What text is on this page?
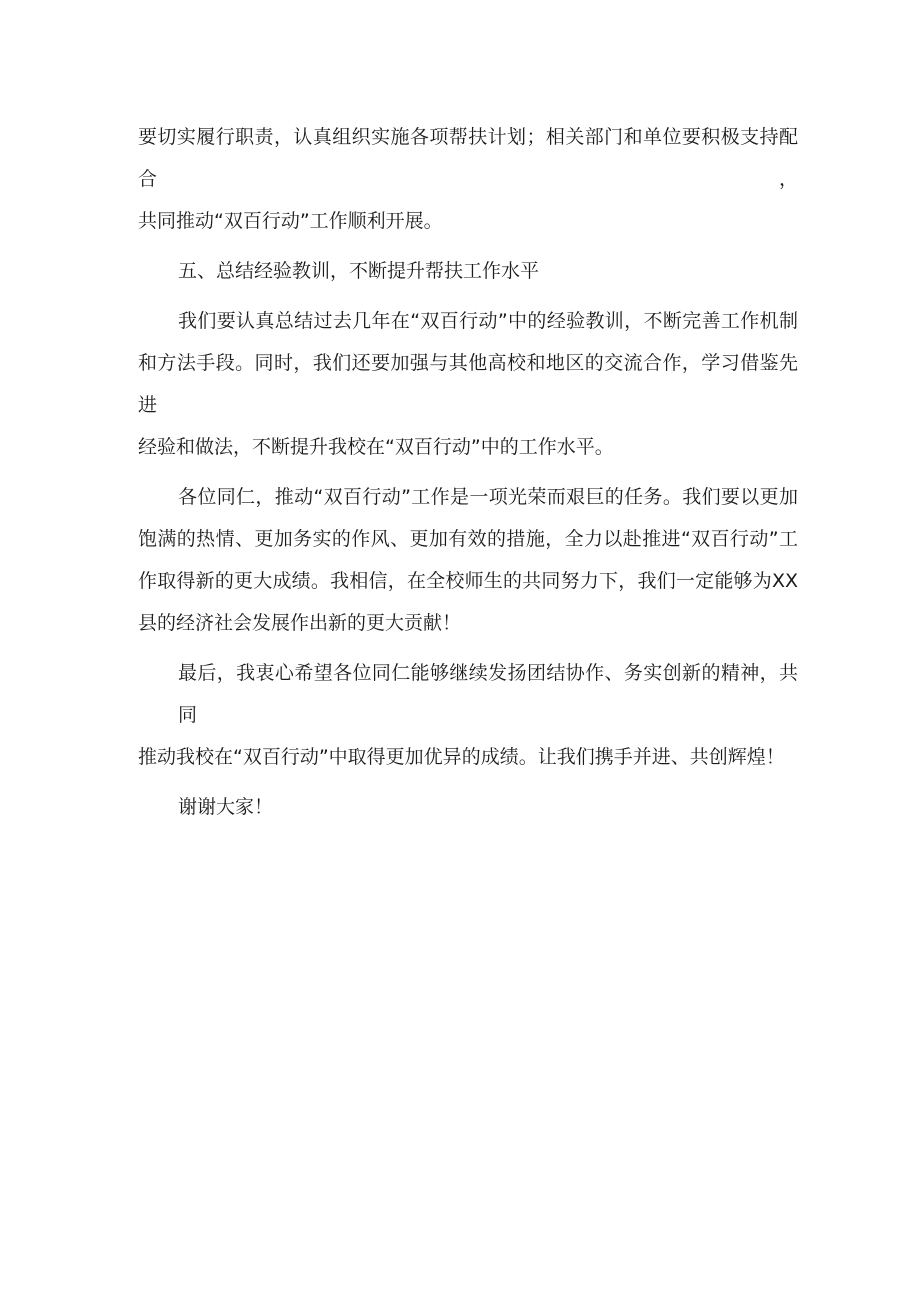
要切实履行职责，认真组织实施各项帮扶计划；相关部门和单位要积极支持配合，
共同推动“双百行动”工作顺利开展。
五、总结经验教训，不断提升帮扶工作水平
我们要认真总结过去几年在“双百行动”中的经验教训，不断完善工作机制
和方法手段。同时，我们还要加强与其他高校和地区的交流合作，学习借鉴先进
经验和做法，不断提升我校在“双百行动”中的工作水平。
各位同仁，推动“双百行动”工作是一项光荣而艰巨的任务。我们要以更加
饱满的热情、更加务实的作风、更加有效的措施，全力以赴推进“双百行动”工
作取得新的更大成绩。我相信，在全校师生的共同努力下，我们一定能够为XX
县的经济社会发展作出新的更大贡献！
最后，我衷心希望各位同仁能够继续发扬团结协作、务实创新的精神，共同
推动我校在“双百行动”中取得更加优异的成绩。让我们携手并进、共创辉煌！
谢谢大家！
